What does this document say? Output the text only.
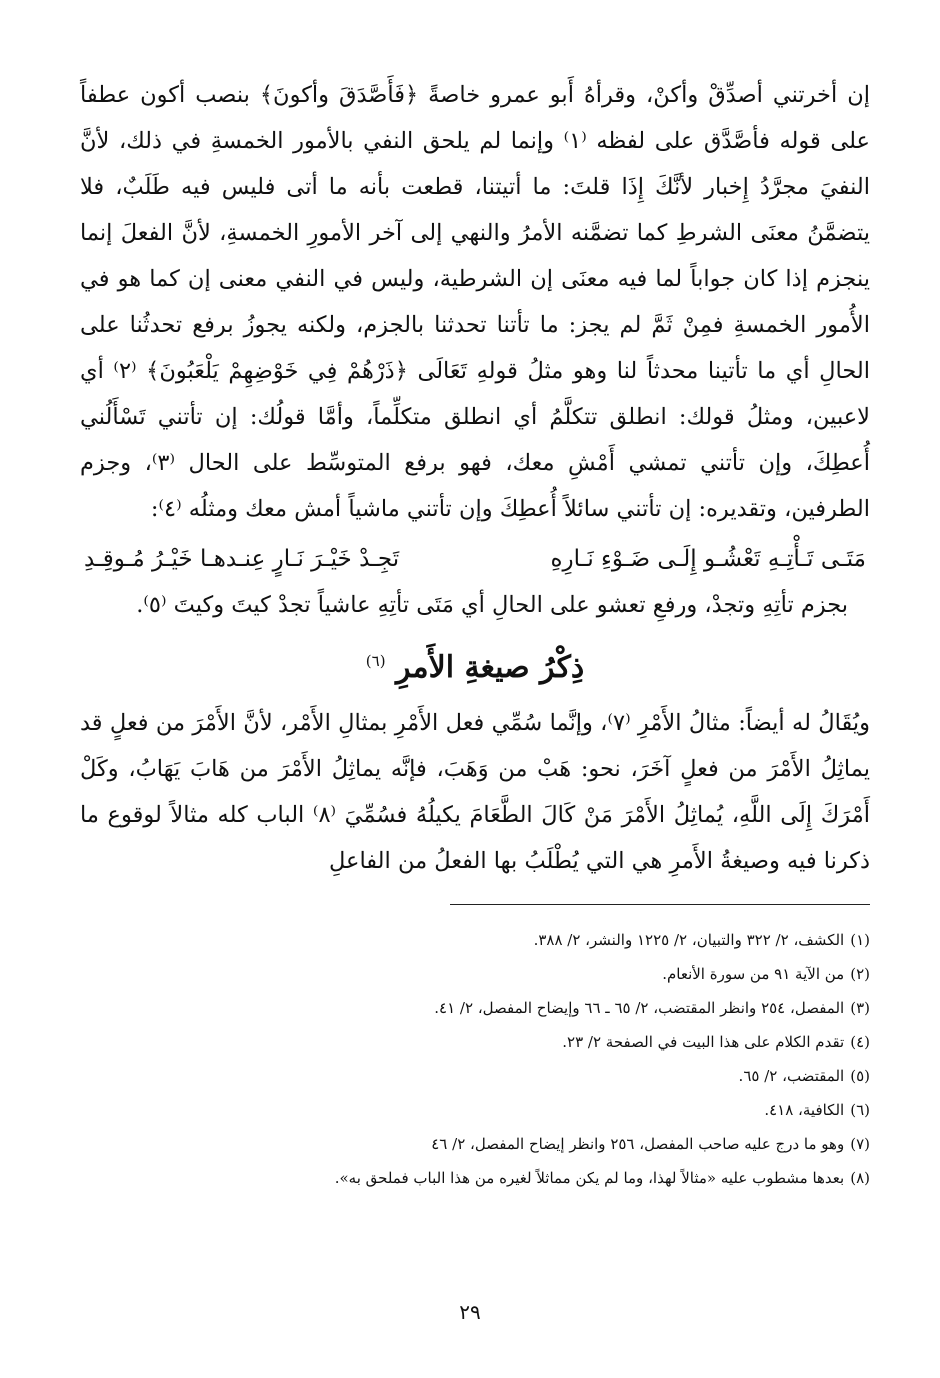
إن أخرتني أصدِّقْ وأكنْ، وقرأهُ أَبو عمرو خاصةً ﴿فَأَصَّدَقَ وأكونَ﴾ بنصب أكون عطفاً على قوله فأصَّدَّق على لفظه ⁽١⁾ وإنما لم يلحق النفي بالأمور الخمسةِ في ذلك، لأنَّ النفيَ مجرَّدُ إِخبار لأنَّكَ إِذَا قلتَ: ما أتيتنا، قطعت بأنه ما أتى فليس فيه طَلَبٌ، فلا يتضمَّنُ معنَى الشرطِ كما تضمَّنه الأمرُ والنهي إلى آخر الأمورِ الخمسةِ، لأنَّ الفعلَ إنما ينجزم إذا كان جواباً لما فيه معنَى إن الشرطية، وليس في النفي معنى إن كما هو في الأُمور الخمسةِ فمِنْ ثَمَّ لم يجز: ما تأتنا تحدثنا بالجزم، ولكنه يجوزُ برفع تحدثُنا على الحالِ أي ما تأتينا محدثاً لنا وهو مثلُ قولهِ تَعَالَى ﴿ذَرْهُمْ فِي خَوْضِهِمْ يَلْعَبُونَ﴾ ⁽٢⁾ أي لاعبين، ومثلُ قولك: انطلق تتكلَّمُ أي انطلق متكلِّماً، وأمَّا قولُك: إن تأتني تَسْأَلُني أُعطِكَ، وإن تأتني تمشي أَمْشِ معك، فهو برفع المتوسِّط على الحال ⁽٣⁾، وجزم الطرفين، وتقديره: إن تأتني سائلاً أُعطِكَ وإن تأتني ماشياً أمش معك ومثلُه ⁽٤⁾:

مَتَـى تَـأْتِـهِ تَعْشُـو إِلَـى ضَـوْءِ نَـارِهِ
تَجِـدْ خَيْـرَ نَـارٍ عِنـدهـا خَيْـرُ مُـوقِـدِ

بجزم تأتِهِ وتجدْ، ورفعِ تعشو على الحالِ أي مَتَى تأتِهِ عاشياً تجدْ كيتَ وكيتَ ⁽٥⁾.

ذِكْرُ صيغةِ الأَمرِ $^{(٦)}$

ويُقَالُ له أيضاً: مثالُ الأَمْرِ ⁽٧⁾، وإنَّما سُمِّي فعل الأَمْرِ بمثالِ الأَمْر، لأنَّ الأَمْرَ من فعلٍ قد يماثِلُ الأَمْرَ من فعلٍ آخَرَ، نحو: هَبْ من وَهَبَ، فإنَّه يماثِلُ الأَمْرَ من هَابَ يَهَابُ، وكَلْ أَمْرَكَ إِلَى اللَّهِ، يُماثِلُ الأَمْرَ مَنْ كَالَ الطَّعَامَ يكيلُهُ فسُمِّيَ ⁽٨⁾ الباب كله مثالاً لوقوع ما ذكرنا فيه وصيغةُ الأَمرِ هي التي يُطْلَبُ بها الفعلُ من الفاعلِ

(١)الكشف، ٢/ ٣٢٢ والتبيان، ٢/ ١٢٢٥ والنشر، ٢/ ٣٨٨.

(٢)من الآية ٩١ من سورة الأنعام.

(٣)المفصل، ٢٥٤ وانظر المقتضب، ٢/ ٦٥ ـ ٦٦ وإيضاح المفصل، ٢/ ٤١.

(٤)تقدم الكلام على هذا البيت في الصفحة ٢/ ٢٣.

(٥)المقتضب، ٢/ ٦٥.

(٦)الكافية، ٤١٨.

(٧)وهو ما درج عليه صاحب المفصل، ٢٥٦ وانظر إيضاح المفصل، ٢/ ٤٦

(٨)بعدها مشطوب عليه «مثالاً لهذا، وما لم يكن مماثلاً لغيره من هذا الباب فملحق به».

٢٩
